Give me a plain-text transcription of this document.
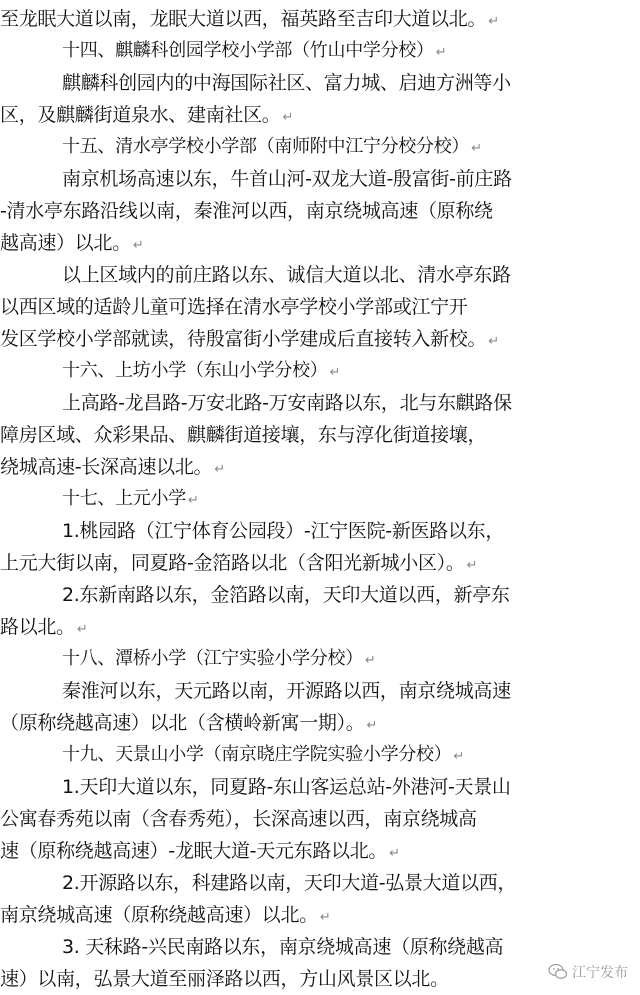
至龙眠大道以南，龙眠大道以西，福英路至吉印大道以北。 ↵
十四、麒麟科创园学校小学部（竹山中学分校） ↵
麒麟科创园内的中海国际社区、富力城、启迪方洲等小
区，及麒麟街道泉水、建南社区。 ↵
十五、清水亭学校小学部（南师附中江宁分校分校） ↵
南京机场高速以东，牛首山河-双龙大道-殷富街-前庄路
-清水亭东路沿线以南，秦淮河以西，南京绕城高速（原称绕
越高速）以北。 ↵
以上区域内的前庄路以东、诚信大道以北、清水亭东路
以西区域的适龄儿童可选择在清水亭学校小学部或江宁开
发区学校小学部就读，待殷富街小学建成后直接转入新校。 ↵
十六、上坊小学（东山小学分校） ↵
上高路-龙昌路-万安北路-万安南路以东，北与东麒路保
障房区域、众彩果品、麒麟街道接壤，东与淳化街道接壤，
绕城高速-长深高速以北。 ↵
十七、上元小学 ↵
1.桃园路（江宁体育公园段）-江宁医院-新医路以东，
上元大街以南，同夏路-金箔路以北（含阳光新城小区）。 ↵
2.东新南路以东，金箔路以南，天印大道以西，新亭东
路以北。 ↵
十八、潭桥小学（江宁实验小学分校） ↵
秦淮河以东，天元路以南，开源路以西，南京绕城高速
（原称绕越高速）以北（含横岭新寓一期）。 ↵
十九、天景山小学（南京晓庄学院实验小学分校） ↵
1.天印大道以东，同夏路-东山客运总站-外港河-天景山
公寓春秀苑以南（含春秀苑），长深高速以西，南京绕城高
速（原称绕越高速）-龙眠大道-天元东路以北。 ↵
2.开源路以东，科建路以南，天印大道-弘景大道以西，
南京绕城高速（原称绕越高速）以北。 ↵
3. 天秣路-兴民南路以东，南京绕城高速（原称绕越高
速）以南，弘景大道至丽泽路以西，方山风景区以北。	江宁发布
